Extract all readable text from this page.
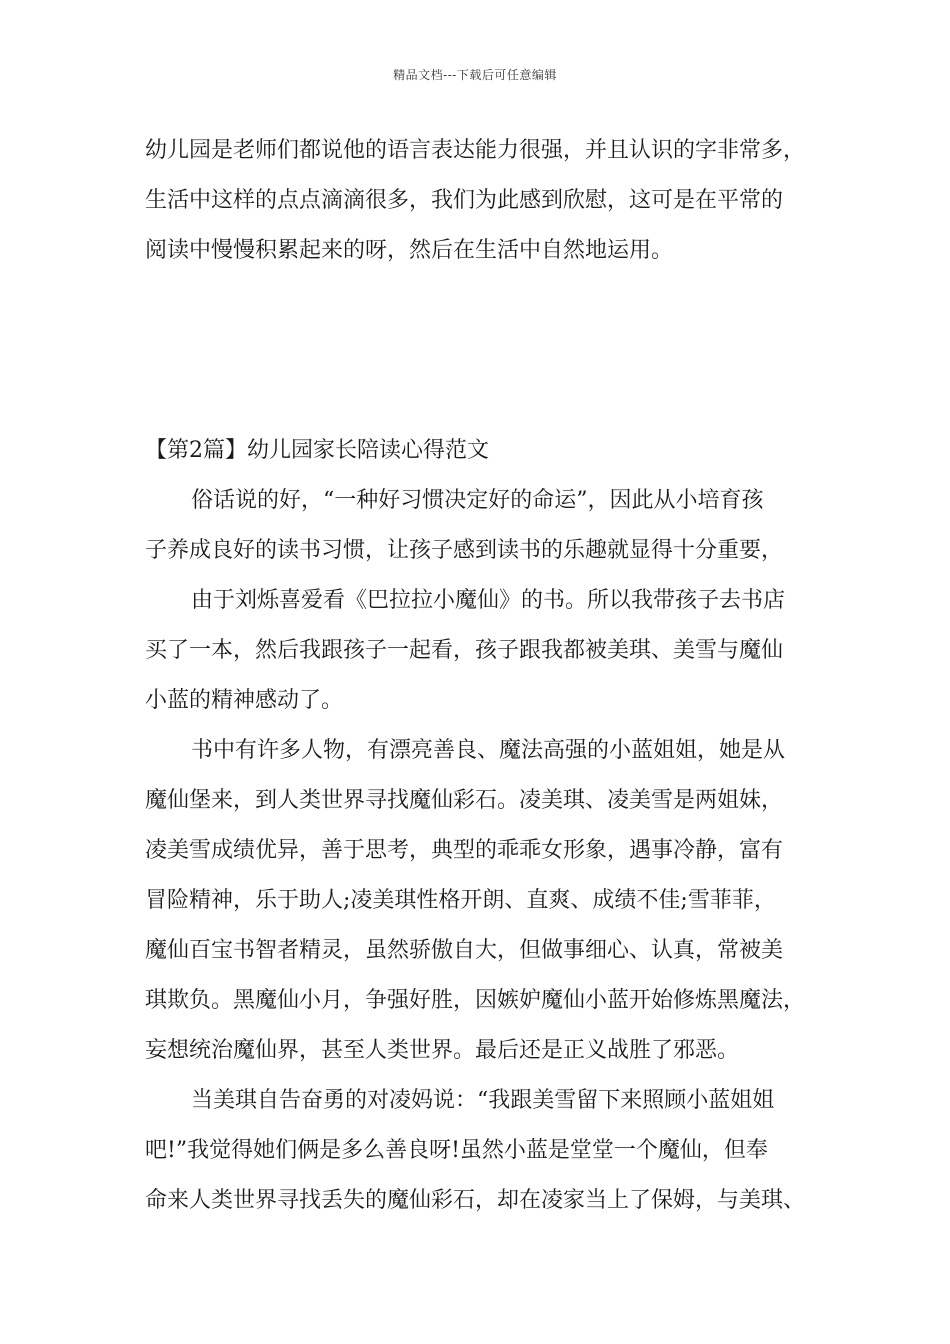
精品文档---下载后可任意编辑
幼儿园是老师们都说他的语言表达能力很强，并且认识的字非常多，
生活中这样的点点滴滴很多，我们为此感到欣慰，这可是在平常的
阅读中慢慢积累起来的呀，然后在生活中自然地运用。
【第2篇】幼儿园家长陪读心得范文
俗话说的好，“一种好习惯决定好的命运”，因此从小培育孩
子养成良好的读书习惯，让孩子感到读书的乐趣就显得十分重要，
由于刘烁喜爱看《巴拉拉小魔仙》的书。所以我带孩子去书店
买了一本，然后我跟孩子一起看，孩子跟我都被美琪、美雪与魔仙
小蓝的精神感动了。
书中有许多人物，有漂亮善良、魔法高强的小蓝姐姐，她是从
魔仙堡来，到人类世界寻找魔仙彩石。凌美琪、凌美雪是两姐妹，
凌美雪成绩优异，善于思考，典型的乖乖女形象，遇事冷静，富有
冒险精神，乐于助人;凌美琪性格开朗、直爽、成绩不佳;雪菲菲，
魔仙百宝书智者精灵，虽然骄傲自大，但做事细心、认真，常被美
琪欺负。黑魔仙小月，争强好胜，因嫉妒魔仙小蓝开始修炼黑魔法，
妄想统治魔仙界，甚至人类世界。最后还是正义战胜了邪恶。
当美琪自告奋勇的对凌妈说：“我跟美雪留下来照顾小蓝姐姐
吧!”我觉得她们俩是多么善良呀!虽然小蓝是堂堂一个魔仙，但奉
命来人类世界寻找丢失的魔仙彩石，却在凌家当上了保姆，与美琪、
